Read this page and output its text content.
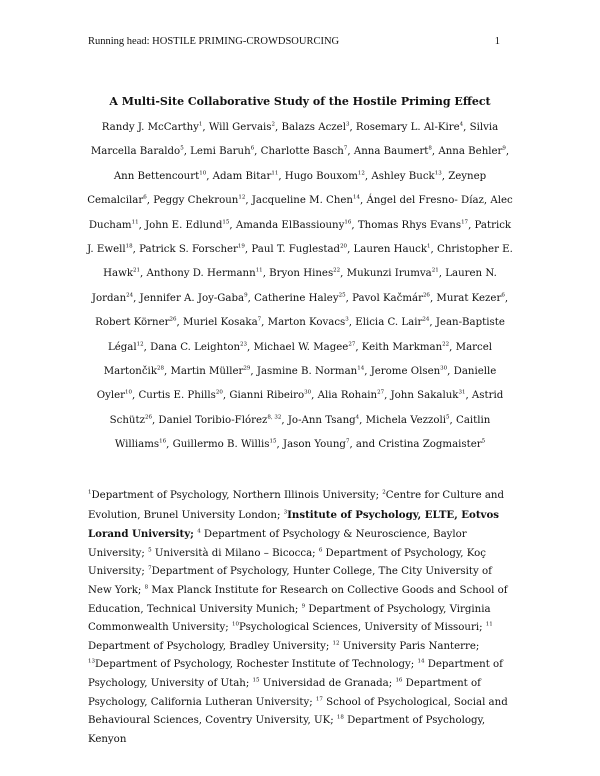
Running head: HOSTILE PRIMING-CROWDSOURCING	1
A Multi-Site Collaborative Study of the Hostile Priming Effect
Randy J. McCarthy$^1$, Will Gervais$^2$, Balazs Aczel$^3$, Rosemary L. Al-Kire$^4$, Silvia Marcella Baraldo$^5$, Lemi Baruh$^6$, Charlotte Basch$^7$, Anna Baumert$^8$, Anna Behler$^9$, Ann Bettencourt$^{10}$, Adam Bitar$^{11}$, Hugo Bouxom$^{12}$, Ashley Buck$^{13}$, Zeynep Cemalcilar$^6$, Peggy Chekroun$^{12}$, Jacqueline M. Chen$^{14}$, Ángel del Fresno- Díaz, Alec Ducham$^{11}$, John E. Edlund$^{15}$, Amanda ElBassiouny$^{16}$, Thomas Rhys Evans$^{17}$, Patrick J. Ewell$^{18}$, Patrick S. Forscher$^{19}$, Paul T. Fuglestad$^{20}$, Lauren Hauck$^1$, Christopher E. Hawk$^{21}$, Anthony D. Hermann$^{11}$, Bryon Hines$^{22}$, Mukunzi Irumva$^{21}$, Lauren N. Jordan$^{24}$, Jennifer A. Joy-Gaba$^9$, Catherine Haley$^{25}$, Pavol Kačmár$^{26}$, Murat Kezer$^6$, Robert Körner$^{26}$, Muriel Kosaka$^7$, Marton Kovacs$^3$, Elicia C. Lair$^{24}$, Jean-Baptiste Légal$^{12}$, Dana C. Leighton$^{23}$, Michael W. Magee$^{27}$, Keith Markman$^{22}$, Marcel Martončik$^{28}$, Martin Müller$^{29}$, Jasmine B. Norman$^{14}$, Jerome Olsen$^{30}$, Danielle Oyler$^{10}$, Curtis E. Phills$^{20}$, Gianni Ribeiro$^{30}$, Alia Rohain$^{27}$, John Sakaluk$^{31}$, Astrid Schütz$^{26}$, Daniel Toribio-Flórez$^{8, 32}$, Jo-Ann Tsang$^4$, Michela Vezzoli$^5$, Caitlin Williams$^{16}$, Guillermo B. Willis$^{15}$, Jason Young$^7$, and Cristina Zogmaister$^5$
$^1$Department of Psychology, Northern Illinois University; $^2$Centre for Culture and Evolution, Brunel University London; $^3$Institute of Psychology, ELTE, Eotvos Lorand University; $^4$ Department of Psychology & Neuroscience, Baylor University; $^5$ Università di Milano – Bicocca; $^6$ Department of Psychology, Koç University; $^7$Department of Psychology, Hunter College, The City University of New York; $^8$ Max Planck Institute for Research on Collective Goods and School of Education, Technical University Munich; $^9$ Department of Psychology, Virginia Commonwealth University; $^{10}$Psychological Sciences, University of Missouri; $^{11}$ Department of Psychology, Bradley University; $^{12}$ University Paris Nanterre; $^{13}$Department of Psychology, Rochester Institute of Technology; $^{14}$ Department of Psychology, University of Utah; $^{15}$ Universidad de Granada; $^{16}$ Department of Psychology, California Lutheran University; $^{17}$ School of Psychological, Social and Behavioural Sciences, Coventry University, UK; $^{18}$ Department of Psychology, Kenyon
